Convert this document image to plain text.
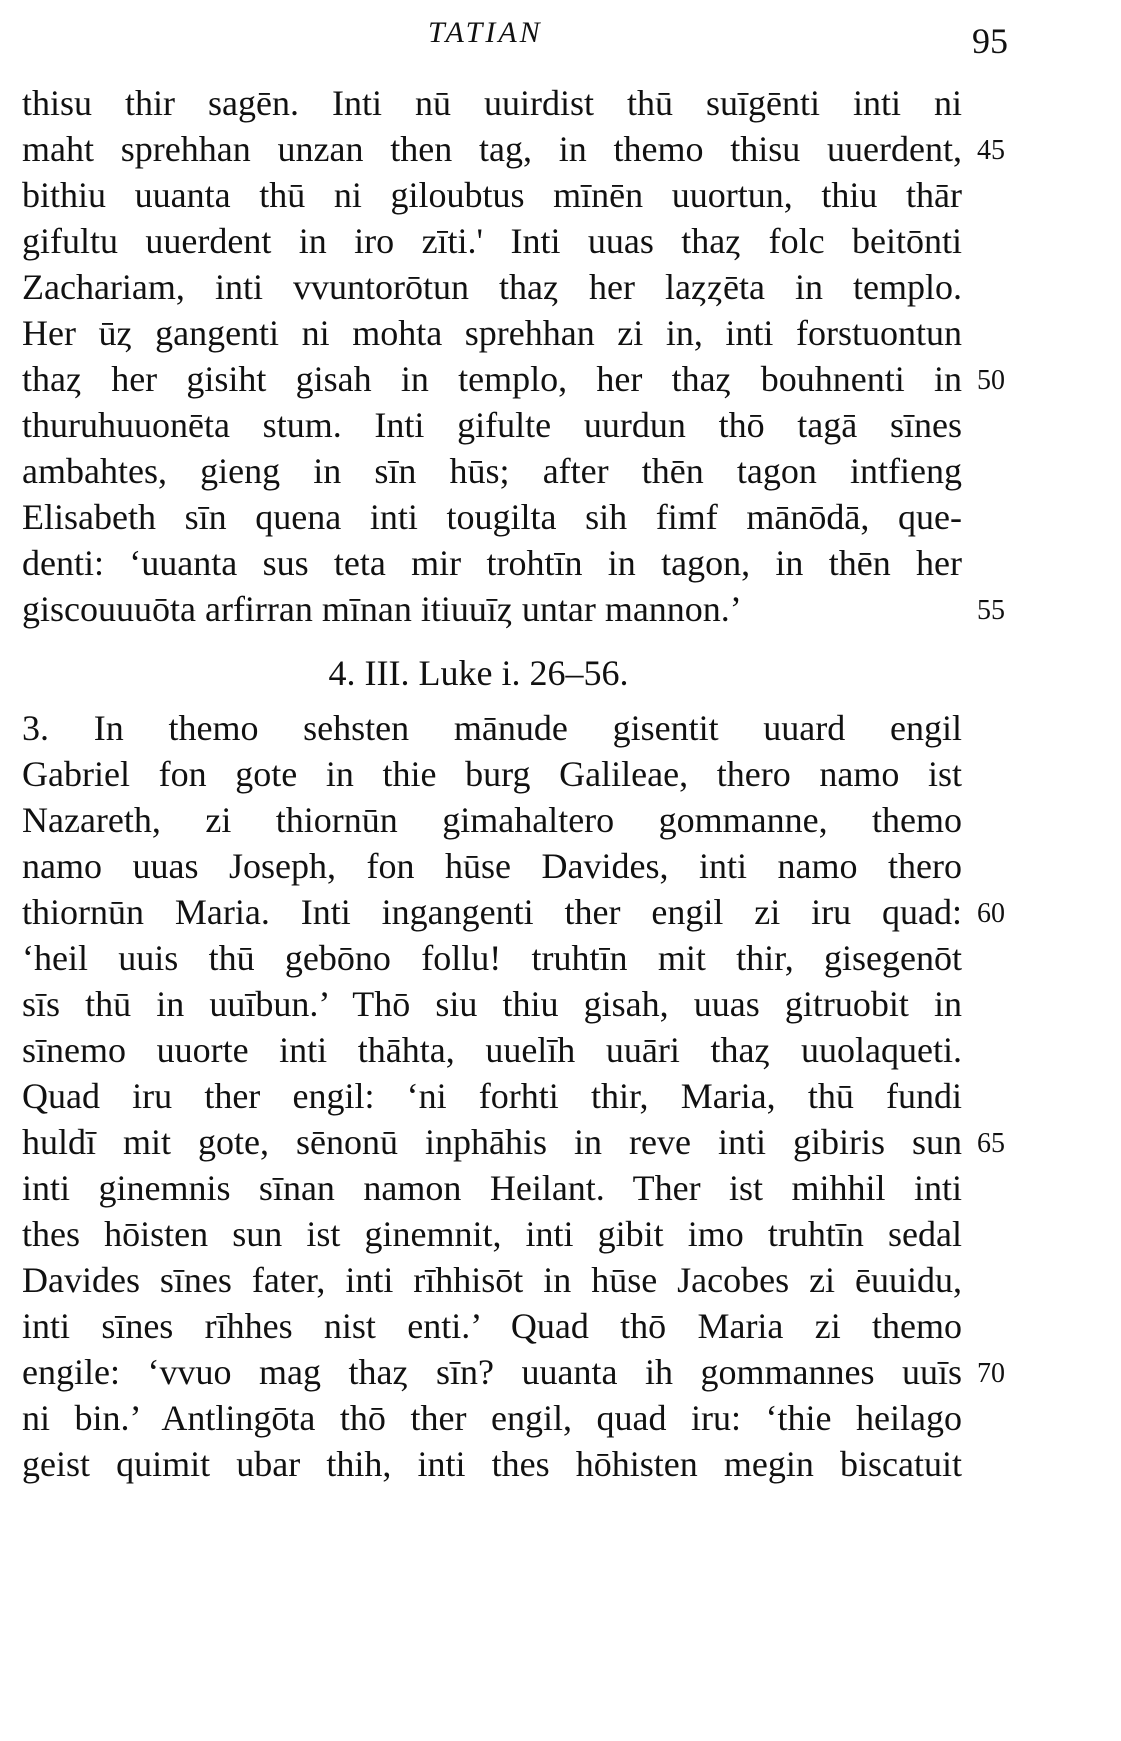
TATIAN	95
thisu thir sagēn. Inti nū uuirdist thū suīgēnti inti ni
maht sprehhan unzan then tag, in themo thisu uuerdent,
bithiu uuanta thū ni giloubtus mīnēn uuortun, thiu thār
gifultu uuerdent in iro zīti.' Inti uuas thaȥ folc beitōnti
Zachariam, inti vvuntorōtun thaȥ her laȥȥēta in templo.
Her ūȥ gangenti ni mohta sprehhan zi in, inti forstuontun
thaȥ her gisiht gisah in templo, her thaȥ bouhnenti in
thuruhuuonēta stum. Inti gifulte uurdun thō tagā sīnes
ambahtes, gieng in sīn hūs; after thēn tagon intfieng
Elisabeth sīn quena inti tougilta sih fimf mānōdā, que-
denti: ‘uuanta sus teta mir trohtīn in tagon, in thēn her
giscouuuōta arfirran mīnan itiuuīȥ untar mannon.’
45
50
55
4. III. Luke i. 26–56.
3. In themo sehsten mānude gisentit uuard engil
Gabriel fon gote in thie burg Galileae, thero namo ist
Nazareth, zi thiornūn gimahaltero gommanne, themo
namo uuas Joseph, fon hūse Davides, inti namo thero
thiornūn Maria. Inti ingangenti ther engil zi iru quad:
‘heil uuis thū gebōno follu! truhtīn mit thir, gisegenōt
sīs thū in uuībun.’ Thō siu thiu gisah, uuas gitruobit in
sīnemo uuorte inti thāhta, uuelīh uuāri thaȥ uuolaqueti.
Quad iru ther engil: ‘ni forhti thir, Maria, thū fundi
huldī mit gote, sēnonū inphāhis in reve inti gibiris sun
inti ginemnis sīnan namon Heilant. Ther ist mihhil inti
thes hōisten sun ist ginemnit, inti gibit imo truhtīn sedal
Davides sīnes fater, inti rīhhisōt in hūse Jacobes zi ēuuidu,
inti sīnes rīhhes nist enti.’ Quad thō Maria zi themo
engile: ‘vvuo mag thaȥ sīn? uuanta ih gommannes uuīs
ni bin.’ Antlingōta thō ther engil, quad iru: ‘thie heilago
geist quimit ubar thih, inti thes hōhisten megin biscatuit
60
65
70
